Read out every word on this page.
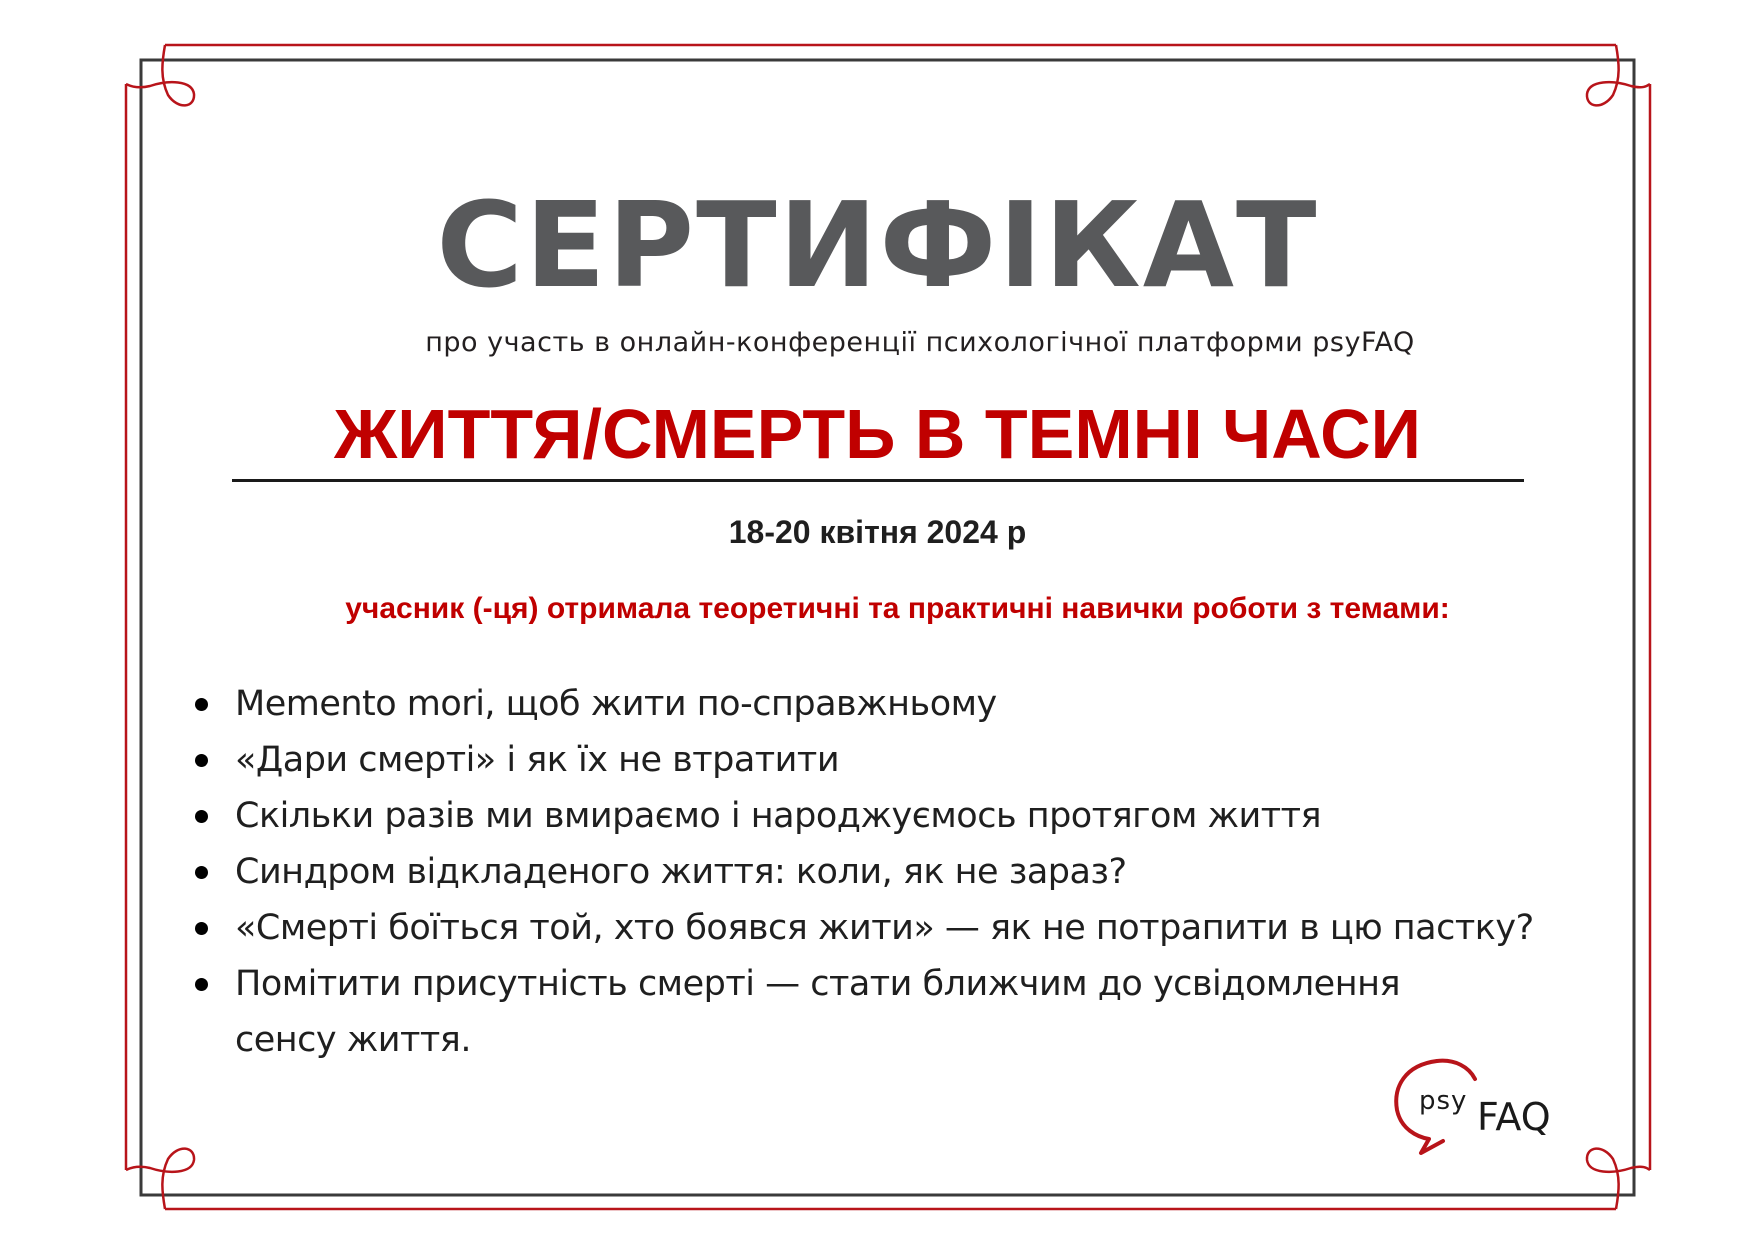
СЕРТИФІКАТ
про участь в онлайн-конференції психологічної платформи psyFAQ
ЖИТТЯ/СМЕРТЬ В ТЕМНІ ЧАСИ
18-20 квітня 2024 р
учасник (-ця) отримала теоретичні та практичні навички роботи з темами:
Memento mori, щоб жити по-справжньому
«Дари смерті» і як їх не втратити
Скільки разів ми вмираємо і народжуємось протягом життя
Синдром відкладеного життя: коли, як не зараз?
«Смерті боїться той, хто боявся жити» — як не потрапити в цю пастку?
Помітити присутність смерті — стати ближчим до усвідомлення сенсу життя.
psy FAQ
